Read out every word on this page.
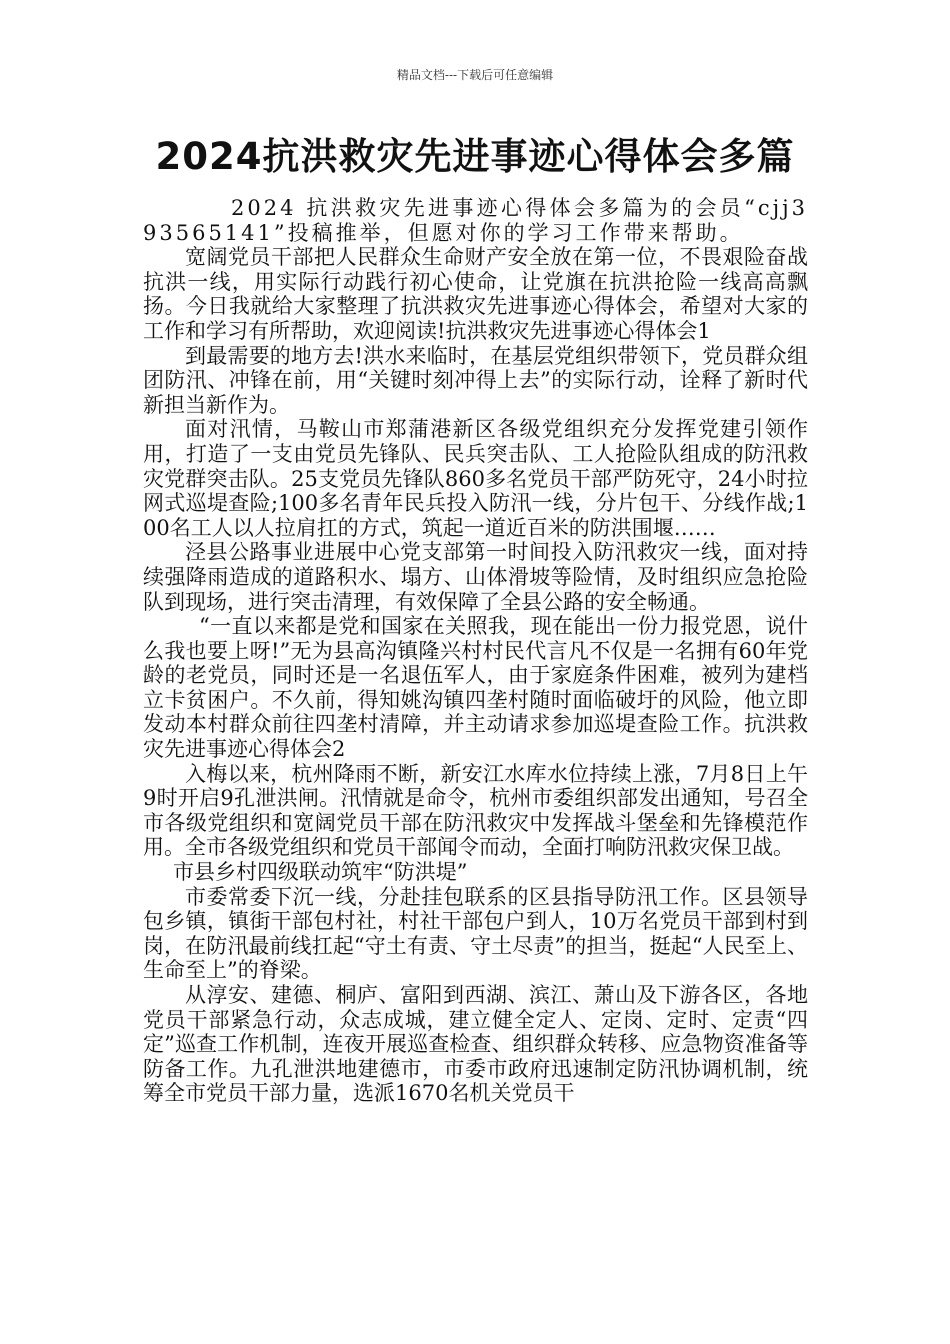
精品文档---下载后可任意编辑
2024抗洪救灾先进事迹心得体会多篇

2024 抗洪救灾先进事迹心得体会多篇为的会员“cjj393565141”投稿推举，但愿对你的学习工作带来帮助。

宽阔党员干部把人民群众生命财产安全放在第一位，不畏艰险奋战抗洪一线，用实际行动践行初心使命，让党旗在抗洪抢险一线高高飘扬。今日我就给大家整理了抗洪救灾先进事迹心得体会，希望对大家的工作和学习有所帮助，欢迎阅读!抗洪救灾先进事迹心得体会1

到最需要的地方去!洪水来临时，在基层党组织带领下，党员群众组团防汛、冲锋在前，用“关键时刻冲得上去”的实际行动，诠释了新时代新担当新作为。

面对汛情，马鞍山市郑蒲港新区各级党组织充分发挥党建引领作用，打造了一支由党员先锋队、民兵突击队、工人抢险队组成的防汛救灾党群突击队。25支党员先锋队860多名党员干部严防死守，24小时拉网式巡堤查险;100多名青年民兵投入防汛一线，分片包干、分线作战;100名工人以人拉肩扛的方式，筑起一道近百米的防洪围堰……

泾县公路事业进展中心党支部第一时间投入防汛救灾一线，面对持续强降雨造成的道路积水、塌方、山体滑坡等险情，及时组织应急抢险队到现场，进行突击清理，有效保障了全县公路的安全畅通。

“一直以来都是党和国家在关照我，现在能出一份力报党恩，说什么我也要上呀!”无为县高沟镇隆兴村村民代言凡不仅是一名拥有60年党龄的老党员，同时还是一名退伍军人，由于家庭条件困难，被列为建档立卡贫困户。不久前，得知姚沟镇四垄村随时面临破圩的风险，他立即发动本村群众前往四垄村清障，并主动请求参加巡堤查险工作。抗洪救灾先进事迹心得体会2

入梅以来，杭州降雨不断，新安江水库水位持续上涨，7月8日上午9时开启9孔泄洪闸。汛情就是命令，杭州市委组织部发出通知，号召全市各级党组织和宽阔党员干部在防汛救灾中发挥战斗堡垒和先锋模范作用。全市各级党组织和党员干部闻令而动，全面打响防汛救灾保卫战。

市县乡村四级联动筑牢“防洪堤”

市委常委下沉一线，分赴挂包联系的区县指导防汛工作。区县领导包乡镇，镇街干部包村社，村社干部包户到人，10万名党员干部到村到岗，在防汛最前线扛起“守土有责、守土尽责”的担当，挺起“人民至上、生命至上”的脊梁。

从淳安、建德、桐庐、富阳到西湖、滨江、萧山及下游各区，各地党员干部紧急行动，众志成城，建立健全定人、定岗、定时、定责“四定”巡查工作机制，连夜开展巡查检查、组织群众转移、应急物资准备等防备工作。九孔泄洪地建德市，市委市政府迅速制定防汛协调机制，统筹全市党员干部力量，选派1670名机关党员干
